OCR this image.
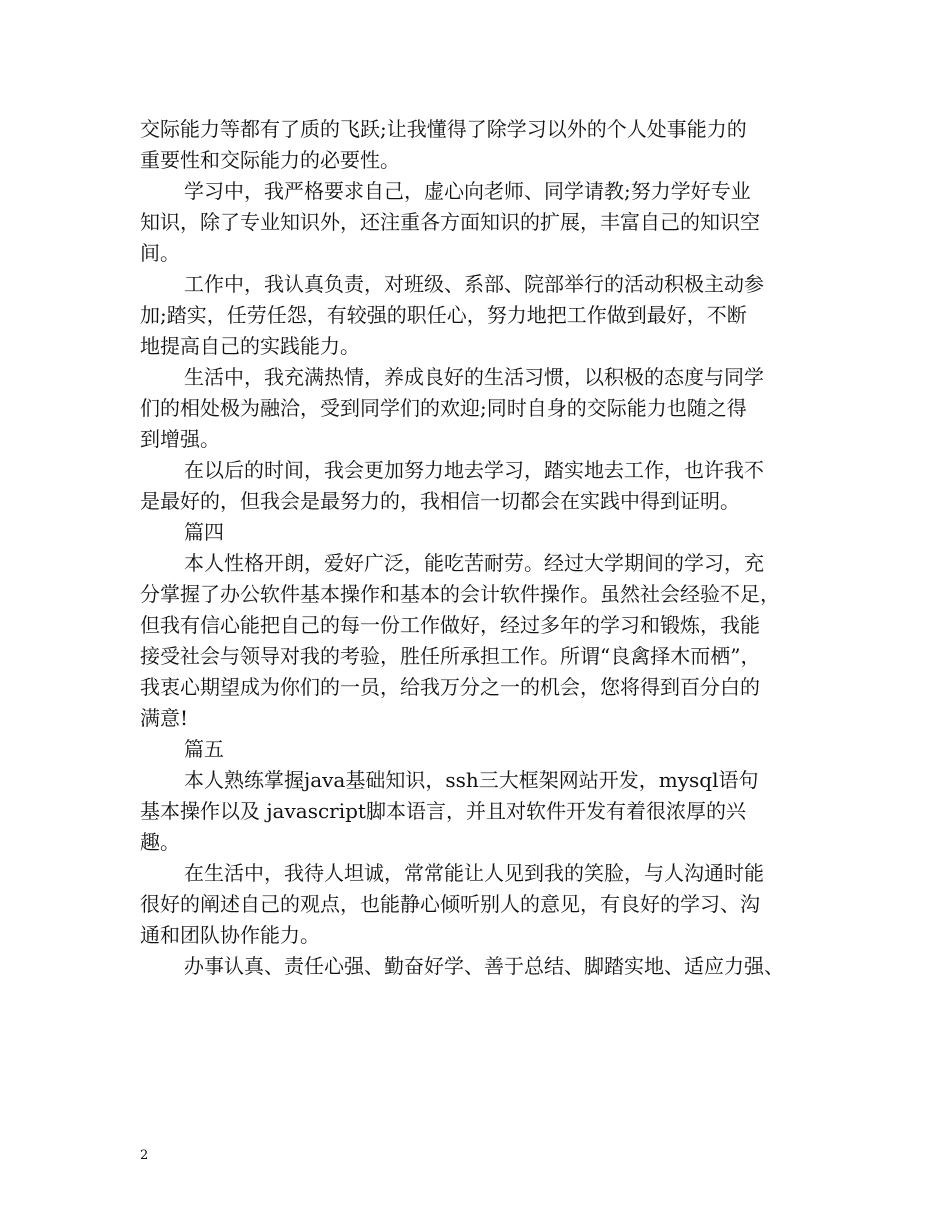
交际能力等都有了质的飞跃;让我懂得了除学习以外的个人处事能力的

重要性和交际能力的必要性。

学习中，我严格要求自己，虚心向老师、同学请教;努力学好专业

知识，除了专业知识外，还注重各方面知识的扩展，丰富自己的知识空

间。

工作中，我认真负责，对班级、系部、院部举行的活动积极主动参

加;踏实，任劳任怨，有较强的职任心，努力地把工作做到最好，不断

地提高自己的实践能力。

生活中，我充满热情，养成良好的生活习惯，以积极的态度与同学

们的相处极为融洽，受到同学们的欢迎;同时自身的交际能力也随之得

到增强。

在以后的时间，我会更加努力地去学习，踏实地去工作，也许我不

是最好的，但我会是最努力的，我相信一切都会在实践中得到证明。

篇四

本人性格开朗，爱好广泛，能吃苦耐劳。经过大学期间的学习，充

分掌握了办公软件基本操作和基本的会计软件操作。虽然社会经验不足，

但我有信心能把自己的每一份工作做好，经过多年的学习和锻炼，我能

接受社会与领导对我的考验，胜任所承担工作。所谓“良禽择木而栖”，

我衷心期望成为你们的一员，给我万分之一的机会，您将得到百分白的

满意!

篇五

本人熟练掌握java基础知识，ssh三大框架网站开发，mysql语句

基本操作以及 javascript脚本语言，并且对软件开发有着很浓厚的兴

趣。

在生活中，我待人坦诚，常常能让人见到我的笑脸，与人沟通时能

很好的阐述自己的观点，也能静心倾听别人的意见，有良好的学习、沟

通和团队协作能力。

办事认真、责任心强、勤奋好学、善于总结、脚踏实地、适应力强、

2
